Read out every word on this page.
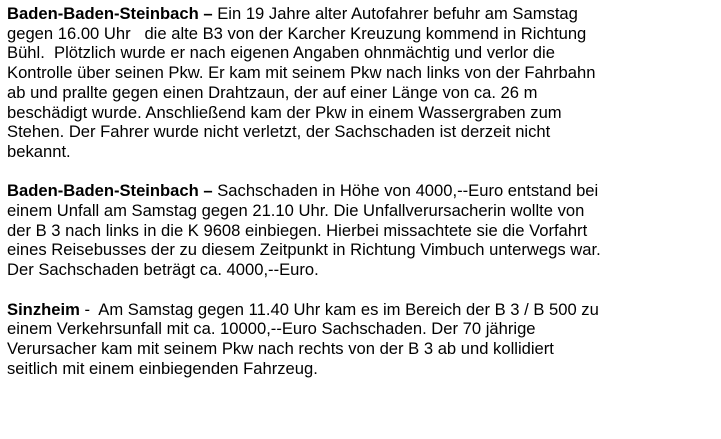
Baden-Baden-Steinbach – Ein 19 Jahre alter Autofahrer befuhr am Samstag
gegen 16.00 Uhr   die alte B3 von der Karcher Kreuzung kommend in Richtung
Bühl.  Plötzlich wurde er nach eigenen Angaben ohnmächtig und verlor die
Kontrolle über seinen Pkw. Er kam mit seinem Pkw nach links von der Fahrbahn
ab und prallte gegen einen Drahtzaun, der auf einer Länge von ca. 26 m
beschädigt wurde. Anschließend kam der Pkw in einem Wassergraben zum
Stehen. Der Fahrer wurde nicht verletzt, der Sachschaden ist derzeit nicht
bekannt.
Baden-Baden-Steinbach – Sachschaden in Höhe von 4000,--Euro entstand bei
einem Unfall am Samstag gegen 21.10 Uhr. Die Unfallverursacherin wollte von
der B 3 nach links in die K 9608 einbiegen. Hierbei missachtete sie die Vorfahrt
eines Reisebusses der zu diesem Zeitpunkt in Richtung Vimbuch unterwegs war.
Der Sachschaden beträgt ca. 4000,--Euro.
Sinzheim -  Am Samstag gegen 11.40 Uhr kam es im Bereich der B 3 / B 500 zu
einem Verkehrsunfall mit ca. 10000,--Euro Sachschaden. Der 70 jährige
Verursacher kam mit seinem Pkw nach rechts von der B 3 ab und kollidiert
seitlich mit einem einbiegenden Fahrzeug.
